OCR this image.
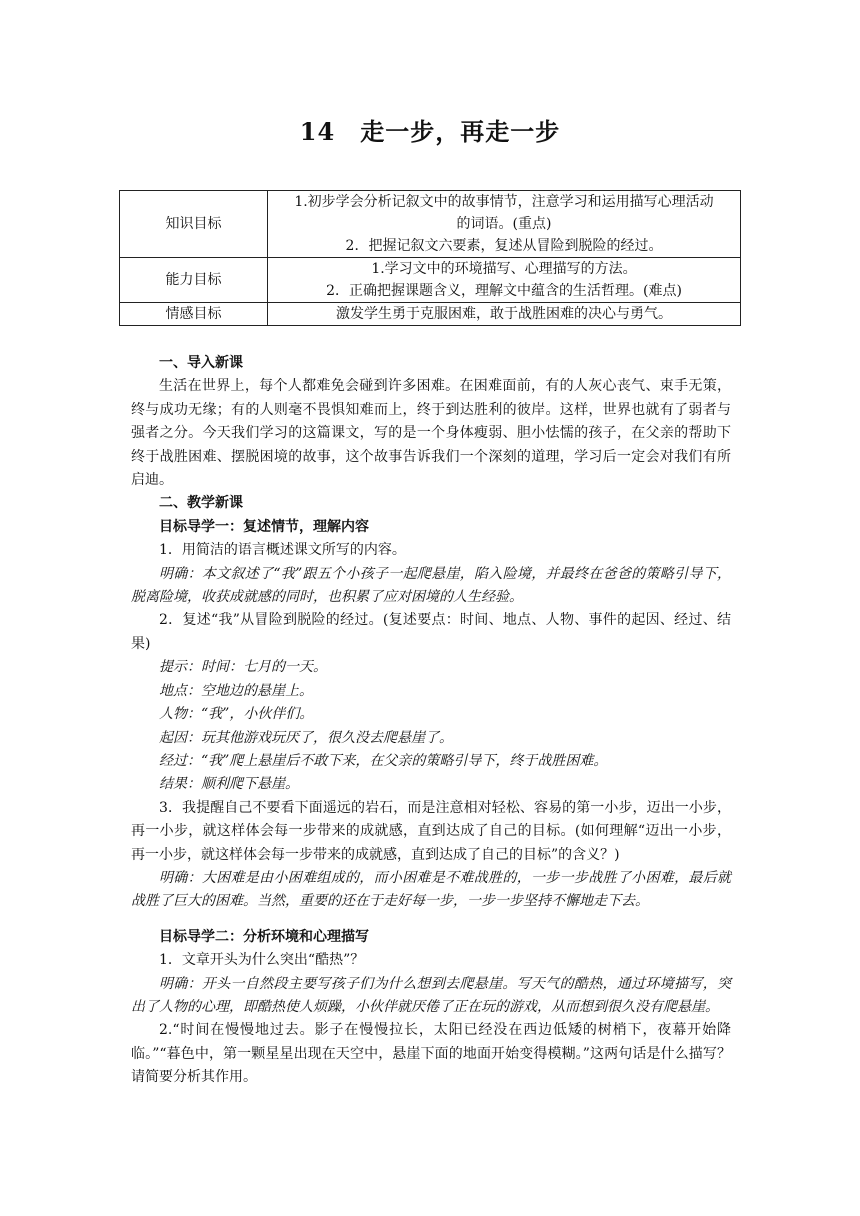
14　走一步，再走一步
知识目标	1.初步学会分析记叙文中的故事情节，注意学习和运用描写心理活动
的词语。(重点)
2．把握记叙文六要素，复述从冒险到脱险的经过。

能力目标	1.学习文中的环境描写、心理描写的方法。
2．正确把握课题含义，理解文中蕴含的生活哲理。(难点)

情感目标	激发学生勇于克服困难，敢于战胜困难的决心与勇气。

一、导入新课

生活在世界上，每个人都难免会碰到许多困难。在困难面前，有的人灰心丧气、束手无策，终与成功无缘；有的人则毫不畏惧知难而上，终于到达胜利的彼岸。这样，世界也就有了弱者与强者之分。今天我们学习的这篇课文，写的是一个身体瘦弱、胆小怯懦的孩子，在父亲的帮助下终于战胜困难、摆脱困境的故事，这个故事告诉我们一个深刻的道理，学习后一定会对我们有所启迪。

二、教学新课

目标导学一：复述情节，理解内容

1．用简洁的语言概述课文所写的内容。

明确：本文叙述了“我”跟五个小孩子一起爬悬崖，陷入险境，并最终在爸爸的策略引导下，脱离险境，收获成就感的同时，也积累了应对困境的人生经验。

2．复述“我”从冒险到脱险的经过。(复述要点：时间、地点、人物、事件的起因、经过、结果)

提示：时间：七月的一天。

地点：空地边的悬崖上。

人物：“我”，小伙伴们。

起因：玩其他游戏玩厌了，很久没去爬悬崖了。

经过：“我”爬上悬崖后不敢下来，在父亲的策略引导下，终于战胜困难。

结果：顺利爬下悬崖。

3．我提醒自己不要看下面遥远的岩石，而是注意相对轻松、容易的第一小步，迈出一小步，再一小步，就这样体会每一步带来的成就感，直到达成了自己的目标。(如何理解“迈出一小步，再一小步，就这样体会每一步带来的成就感，直到达成了自己的目标”的含义？)

明确：大困难是由小困难组成的，而小困难是不难战胜的，一步一步战胜了小困难，最后就战胜了巨大的困难。当然，重要的还在于走好每一步，一步一步坚持不懈地走下去。

目标导学二：分析环境和心理描写

1．文章开头为什么突出“酷热”？

明确：开头一自然段主要写孩子们为什么想到去爬悬崖。写天气的酷热，通过环境描写，突出了人物的心理，即酷热使人烦躁，小伙伴就厌倦了正在玩的游戏，从而想到很久没有爬悬崖。

2.“时间在慢慢地过去。影子在慢慢拉长，太阳已经没在西边低矮的树梢下，夜幕开始降临。”“暮色中，第一颗星星出现在天空中，悬崖下面的地面开始变得模糊。”这两句话是什么描写？请简要分析其作用。
